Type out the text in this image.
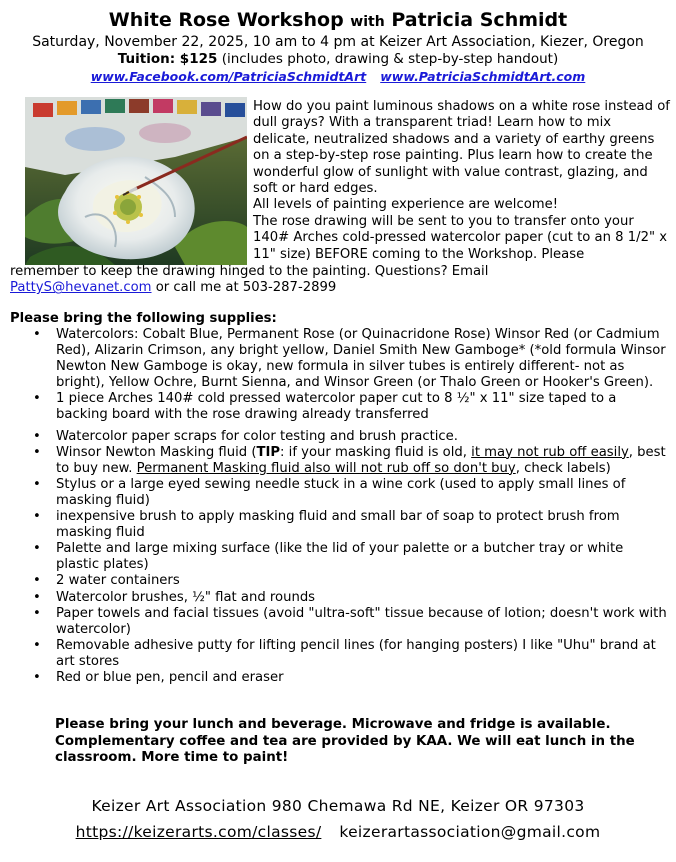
White Rose Workshop with Patricia Schmidt
Saturday, November 22, 2025, 10 am to 4 pm at Keizer Art Association, Kiezer, Oregon
Tuition: $125 (includes photo, drawing & step-by-step handout)
www.Facebook.com/PatriciaSchmidtArt www.PatriciaSchmidtArt.com

How do you paint luminous shadows on a white rose instead of dull grays? With a transparent triad! Learn how to mix delicate, neutralized shadows and a variety of earthy greens on a step-by-step rose painting. Plus learn how to create the wonderful glow of sunlight with value contrast, glazing, and soft or hard edges.

All levels of painting experience are welcome!

The rose drawing will be sent to you to transfer onto your 140# Arches cold-pressed watercolor paper (cut to an 8 1/2" x 11" size) BEFORE coming to the Workshop. Please

remember to keep the drawing hinged to the painting. Questions? Email
PattyS@hevanet.com or call me at 503-287-2899
Please bring the following supplies:
• Watercolors: Cobalt Blue, Permanent Rose (or Quinacridone Rose) Winsor Red (or Cadmium Red), Alizarin Crimson, any bright yellow, Daniel Smith New Gamboge* (*old formula Winsor Newton New Gamboge is okay, new formula in silver tubes is entirely different- not as bright), Yellow Ochre, Burnt Sienna, and Winsor Green (or Thalo Green or Hooker's Green).
• 1 piece Arches 140# cold pressed watercolor paper cut to 8 ½" x 11" size taped to a backing board with the rose drawing already transferred
• Watercolor paper scraps for color testing and brush practice.
• Winsor Newton Masking fluid (TIP: if your masking fluid is old, it may not rub off easily, best to buy new. Permanent Masking fluid also will not rub off so don't buy, check labels)
• Stylus or a large eyed sewing needle stuck in a wine cork (used to apply small lines of masking fluid)
• inexpensive brush to apply masking fluid and small bar of soap to protect brush from masking fluid
• Palette and large mixing surface (like the lid of your palette or a butcher tray or white plastic plates)
• 2 water containers
• Watercolor brushes, ½" flat and rounds
• Paper towels and facial tissues (avoid "ultra-soft" tissue because of lotion; doesn't work with watercolor)
• Removable adhesive putty for lifting pencil lines (for hanging posters) I like "Uhu" brand at art stores
• Red or blue pen, pencil and eraser
Please bring your lunch and beverage. Microwave and fridge is available. Complementary coffee and tea are provided by KAA. We will eat lunch in the classroom. More time to paint!
Keizer Art Association 980 Chemawa Rd NE, Keizer OR 97303
https://keizerarts.com/classes/ keizerartassociation@gmail.com
